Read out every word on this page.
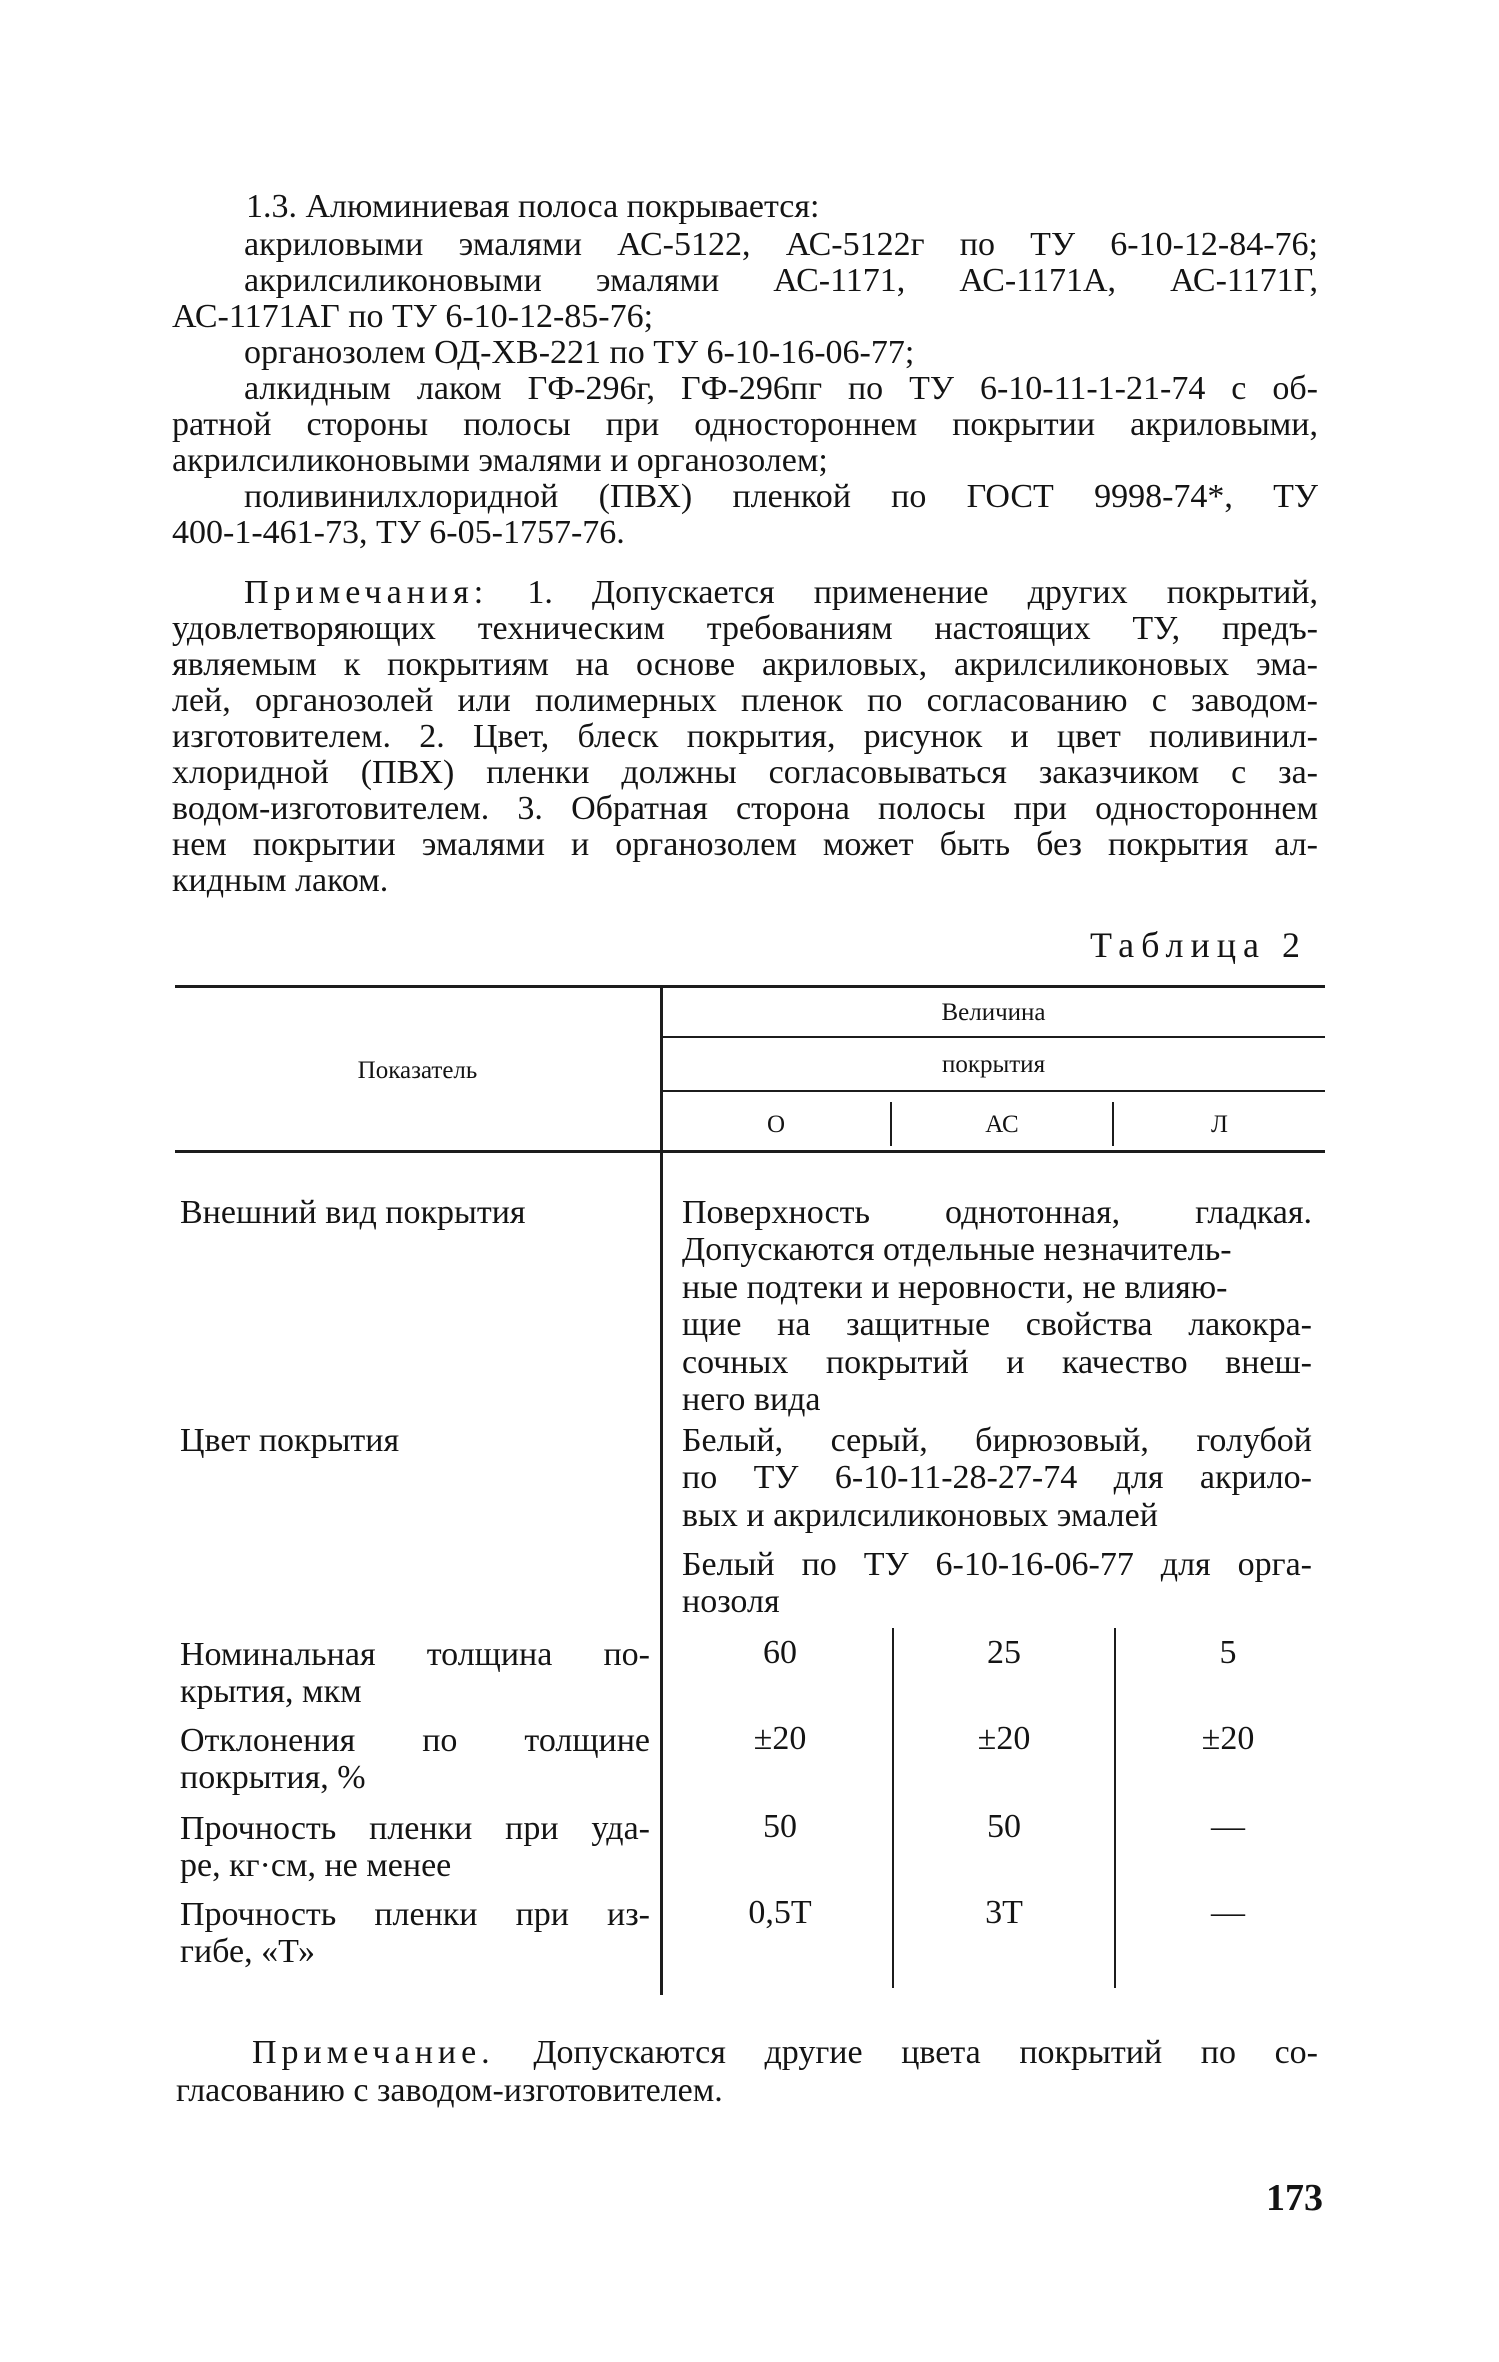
1.3. Алюминиевая полоса покрывается:
акриловыми эмалями АС-5122, АС-5122г по ТУ 6-10-12-84-76;
акрилсиликоновыми эмалями АС-1171, АС-1171А, АС-1171Г,
АС-1171АГ по ТУ 6-10-12-85-76;
органозолем ОД-ХВ-221 по ТУ 6-10-16-06-77;
алкидным лаком ГФ-296г, ГФ-296пг по ТУ 6-10-11-1-21-74 с об-
ратной стороны полосы при одностороннем покрытии акриловыми,
акрилсиликоновыми эмалями и органозолем;
поливинилхлоридной (ПВХ) пленкой по ГОСТ 9998-74*, ТУ
400-1-461-73, ТУ 6-05-1757-76.
Примечания: 1. Допускается применение других покрытий,
удовлетворяющих техническим требованиям настоящих ТУ, предъ-
являемым к покрытиям на основе акриловых, акрилсиликоновых эма-
лей, органозолей или полимерных пленок по согласованию с заводом-
изготовителем. 2. Цвет, блеск покрытия, рисунок и цвет поливинил-
хлоридной (ПВХ) пленки должны согласовываться заказчиком с за-
водом-изготовителем. 3. Обратная сторона полосы при одностороннем
нем покрытии эмалями и органозолем может быть без покрытия ал-
кидным лаком.
Таблица 2
Показатель
Величина
покрытия
О	АС	Л
Внешний вид покрытия	Поверхность однотонная, гладкая.
Допускаются отдельные незначитель-
ные подтеки и неровности, не влияю-
щие на защитные свойства лакокра-
сочных покрытий и качество внеш-
него вида
Цвет покрытия	Белый, серый, бирюзовый, голубой
по ТУ 6-10-11-28-27-74 для акрило-
вых и акрилсиликоновых эмалей
Белый по ТУ 6-10-16-06-77 для орга-
нозоля
Номинальная толщина по-
крытия, мкм
60	25	5
Отклонения по толщине
покрытия, %
±20	±20	±20
Прочность пленки при уда-
ре, кг·см, не менее
50	50	—
Прочность пленки при из-
гибе, «Т»
0,5Т	3Т	—
Примечание. Допускаются другие цвета покрытий по со-
гласованию с заводом-изготовителем.
173
